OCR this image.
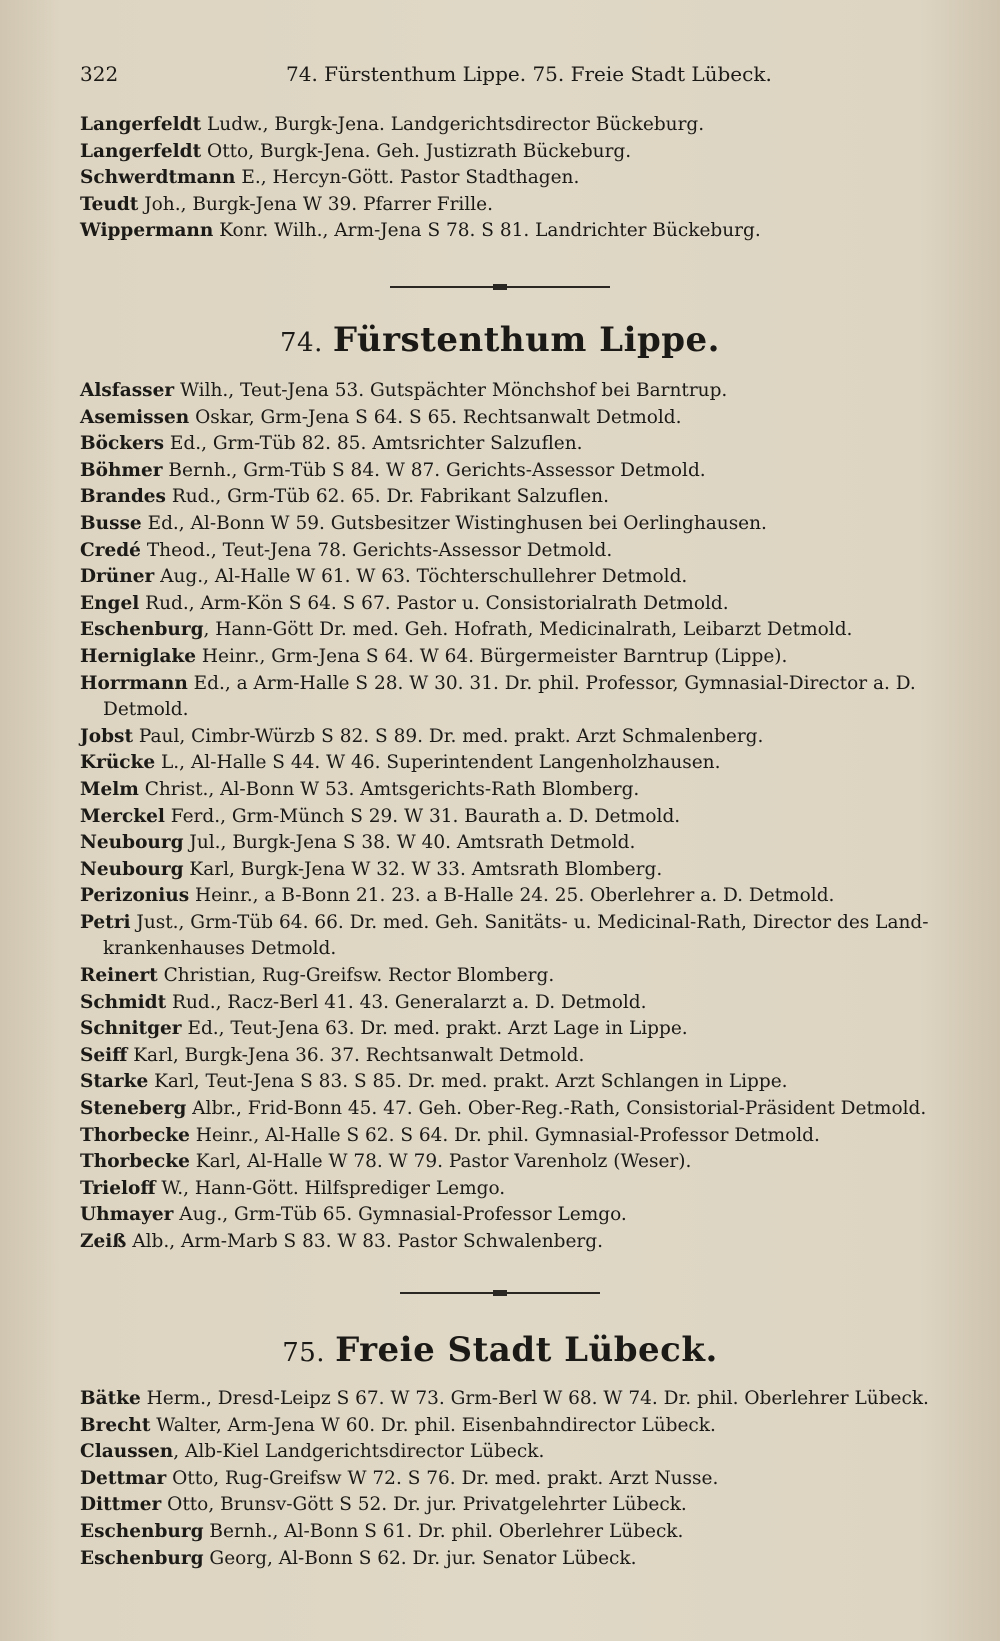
322	74. Fürstenthum Lippe. 75. Freie Stadt Lübeck.

Langerfeldt Ludw., Burgk-Jena. Landgerichtsdirector Bückeburg.

Langerfeldt Otto, Burgk-Jena. Geh. Justizrath Bückeburg.

Schwerdtmann E., Hercyn-Gött. Pastor Stadthagen.

Teudt Joh., Burgk-Jena W 39. Pfarrer Frille.

Wippermann Konr. Wilh., Arm-Jena S 78. S 81. Landrichter Bückeburg.

74. Fürstenthum Lippe.

Alsfasser Wilh., Teut-Jena 53. Gutspächter Mönchshof bei Barntrup.

Asemissen Oskar, Grm-Jena S 64. S 65. Rechtsanwalt Detmold.

Böckers Ed., Grm-Tüb 82. 85. Amtsrichter Salzuflen.

Böhmer Bernh., Grm-Tüb S 84. W 87. Gerichts-Assessor Detmold.

Brandes Rud., Grm-Tüb 62. 65. Dr. Fabrikant Salzuflen.

Busse Ed., Al-Bonn W 59. Gutsbesitzer Wistinghusen bei Oerlinghausen.

Credé Theod., Teut-Jena 78. Gerichts-Assessor Detmold.

Drüner Aug., Al-Halle W 61. W 63. Töchterschullehrer Detmold.

Engel Rud., Arm-Kön S 64. S 67. Pastor u. Consistorialrath Detmold.

Eschenburg, Hann-Gött Dr. med. Geh. Hofrath, Medicinalrath, Leibarzt Detmold.

Herniglake Heinr., Grm-Jena S 64. W 64. Bürgermeister Barntrup (Lippe).

Horrmann Ed., a Arm-Halle S 28. W 30. 31. Dr. phil. Professor, Gymnasial-Director a. D.
Detmold.

Jobst Paul, Cimbr-Würzb S 82. S 89. Dr. med. prakt. Arzt Schmalenberg.

Krücke L., Al-Halle S 44. W 46. Superintendent Langenholzhausen.

Melm Christ., Al-Bonn W 53. Amtsgerichts-Rath Blomberg.

Merckel Ferd., Grm-Münch S 29. W 31. Baurath a. D. Detmold.

Neubourg Jul., Burgk-Jena S 38. W 40. Amtsrath Detmold.

Neubourg Karl, Burgk-Jena W 32. W 33. Amtsrath Blomberg.

Perizonius Heinr., a B-Bonn 21. 23. a B-Halle 24. 25. Oberlehrer a. D. Detmold.

Petri Just., Grm-Tüb 64. 66. Dr. med. Geh. Sanitäts- u. Medicinal-Rath, Director des Land-
krankenhauses Detmold.

Reinert Christian, Rug-Greifsw. Rector Blomberg.

Schmidt Rud., Racz-Berl 41. 43. Generalarzt a. D. Detmold.

Schnitger Ed., Teut-Jena 63. Dr. med. prakt. Arzt Lage in Lippe.

Seiff Karl, Burgk-Jena 36. 37. Rechtsanwalt Detmold.

Starke Karl, Teut-Jena S 83. S 85. Dr. med. prakt. Arzt Schlangen in Lippe.

Steneberg Albr., Frid-Bonn 45. 47. Geh. Ober-Reg.-Rath, Consistorial-Präsident Detmold.

Thorbecke Heinr., Al-Halle S 62. S 64. Dr. phil. Gymnasial-Professor Detmold.

Thorbecke Karl, Al-Halle W 78. W 79. Pastor Varenholz (Weser).

Trieloff W., Hann-Gött. Hilfsprediger Lemgo.

Uhmayer Aug., Grm-Tüb 65. Gymnasial-Professor Lemgo.

Zeiß Alb., Arm-Marb S 83. W 83. Pastor Schwalenberg.

75. Freie Stadt Lübeck.

Bätke Herm., Dresd-Leipz S 67. W 73. Grm-Berl W 68. W 74. Dr. phil. Oberlehrer Lübeck.

Brecht Walter, Arm-Jena W 60. Dr. phil. Eisenbahndirector Lübeck.

Claussen, Alb-Kiel Landgerichtsdirector Lübeck.

Dettmar Otto, Rug-Greifsw W 72. S 76. Dr. med. prakt. Arzt Nusse.

Dittmer Otto, Brunsv-Gött S 52. Dr. jur. Privatgelehrter Lübeck.

Eschenburg Bernh., Al-Bonn S 61. Dr. phil. Oberlehrer Lübeck.

Eschenburg Georg, Al-Bonn S 62. Dr. jur. Senator Lübeck.
